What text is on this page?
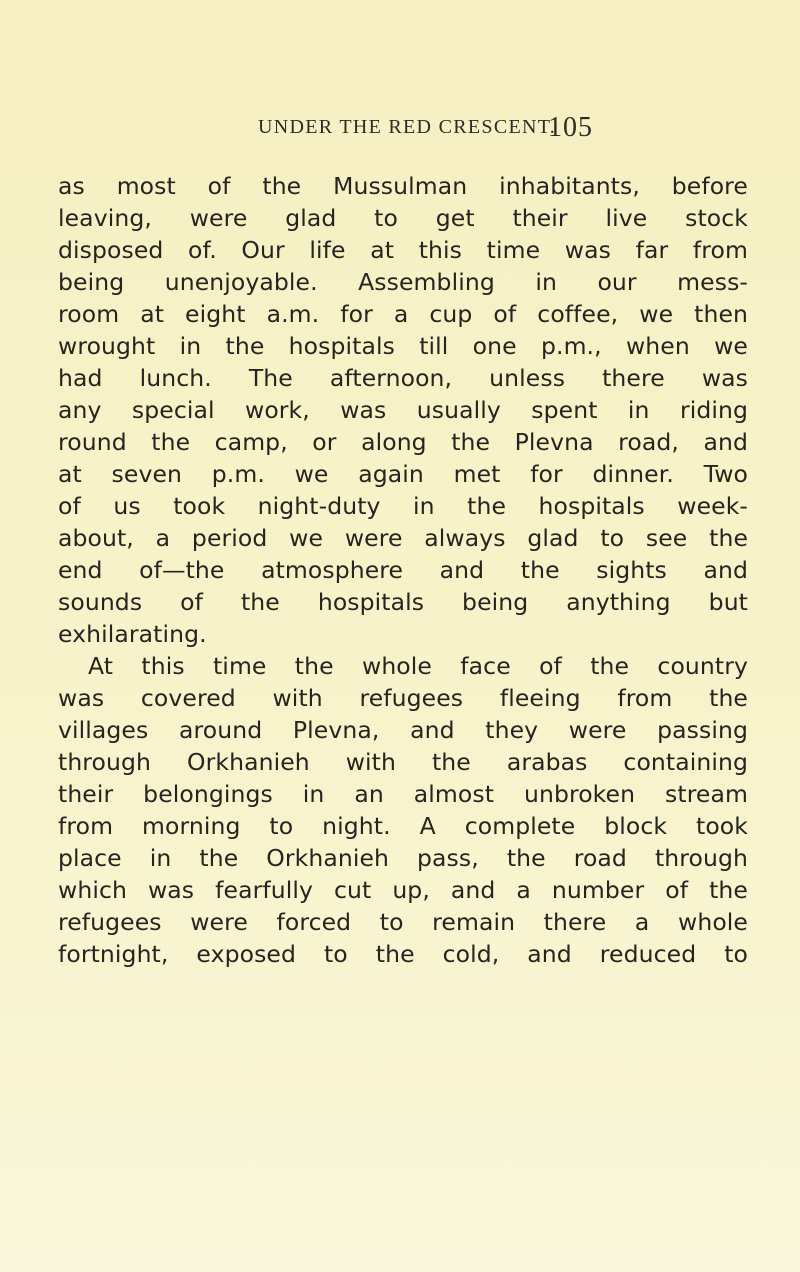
UNDER THE RED CRESCENT.
105
as most of the Mussulman inhabitants, before
leaving, were glad to get their live stock
disposed of. Our life at this time was far from
being unenjoyable. Assembling in our mess-
room at eight a.m. for a cup of coffee, we then
wrought in the hospitals till one p.m., when we
had lunch. The afternoon, unless there was
any special work, was usually spent in riding
round the camp, or along the Plevna road, and
at seven p.m. we again met for dinner. Two
of us took night-duty in the hospitals week-
about, a period we were always glad to see the
end of—the atmosphere and the sights and
sounds of the hospitals being anything but
exhilarating.
At this time the whole face of the country
was covered with refugees fleeing from the
villages around Plevna, and they were passing
through Orkhanieh with the arabas containing
their belongings in an almost unbroken stream
from morning to night. A complete block took
place in the Orkhanieh pass, the road through
which was fearfully cut up, and a number of the
refugees were forced to remain there a whole
fortnight, exposed to the cold, and reduced to
